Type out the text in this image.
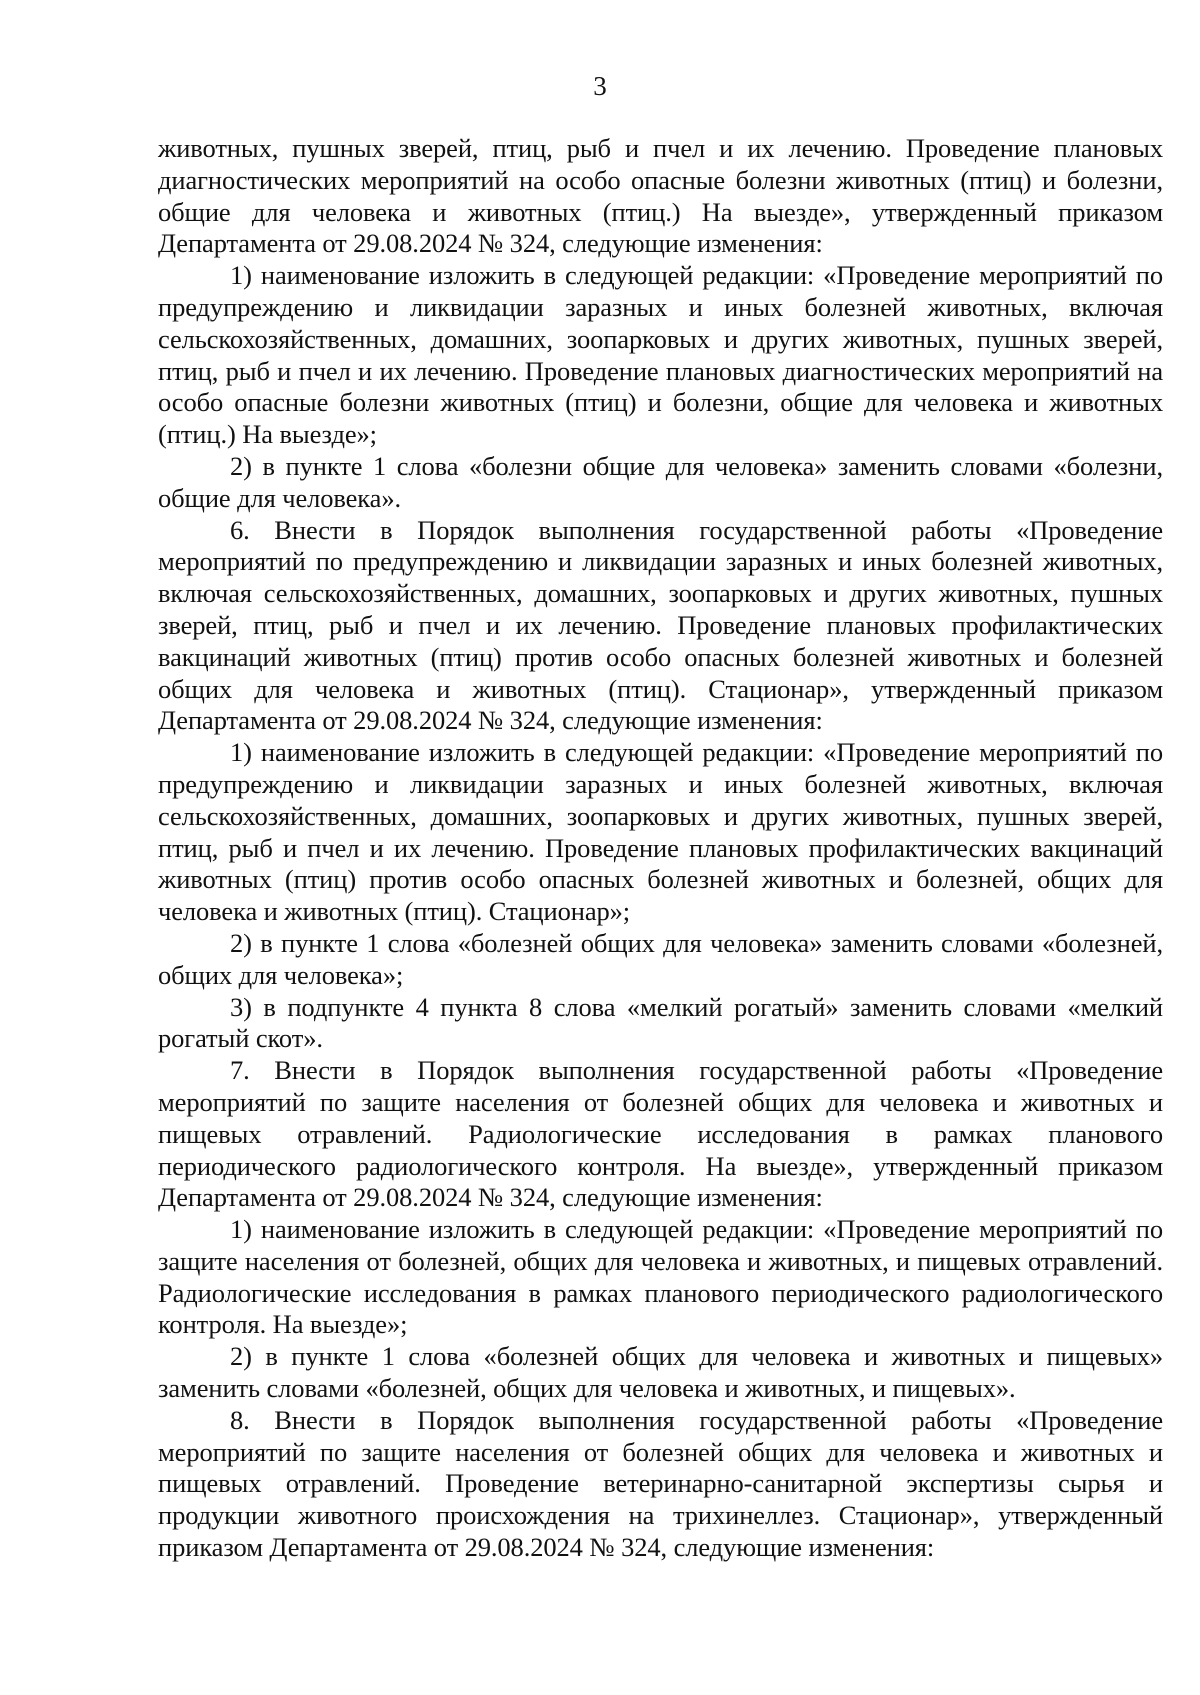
3

животных, пушных зверей, птиц, рыб и пчел и их лечению. Проведение плановых диагностических мероприятий на особо опасные болезни животных (птиц) и болезни, общие для человека и животных (птиц.) На выезде», утвержденный приказом Департамента от 29.08.2024 № 324, следующие изменения:

1) наименование изложить в следующей редакции: «Проведение мероприятий по предупреждению и ликвидации заразных и иных болезней животных, включая сельскохозяйственных, домашних, зоопарковых и других животных, пушных зверей, птиц, рыб и пчел и их лечению. Проведение плановых диагностических мероприятий на особо опасные болезни животных (птиц) и болезни, общие для человека и животных (птиц.) На выезде»;

2) в пункте 1 слова «болезни общие для человека» заменить словами «болезни, общие для человека».

6. Внести в Порядок выполнения государственной работы «Проведение мероприятий по предупреждению и ликвидации заразных и иных болезней животных, включая сельскохозяйственных, домашних, зоопарковых и других животных, пушных зверей, птиц, рыб и пчел и их лечению. Проведение плановых профилактических вакцинаций животных (птиц) против особо опасных болезней животных и болезней общих для человека и животных (птиц). Стационар», утвержденный приказом Департамента от 29.08.2024 № 324, следующие изменения:

1) наименование изложить в следующей редакции: «Проведение мероприятий по предупреждению и ликвидации заразных и иных болезней животных, включая сельскохозяйственных, домашних, зоопарковых и других животных, пушных зверей, птиц, рыб и пчел и их лечению. Проведение плановых профилактических вакцинаций животных (птиц) против особо опасных болезней животных и болезней, общих для человека и животных (птиц). Стационар»;

2) в пункте 1 слова «болезней общих для человека» заменить словами «болезней, общих для человека»;

3) в подпункте 4 пункта 8 слова «мелкий рогатый» заменить словами «мелкий рогатый скот».

7. Внести в Порядок выполнения государственной работы «Проведение мероприятий по защите населения от болезней общих для человека и животных и пищевых отравлений. Радиологические исследования в рамках планового периодического радиологического контроля. На выезде», утвержденный приказом Департамента от 29.08.2024 № 324, следующие изменения:

1) наименование изложить в следующей редакции: «Проведение мероприятий по защите населения от болезней, общих для человека и животных, и пищевых отравлений. Радиологические исследования в рамках планового периодического радиологического контроля. На выезде»;

2) в пункте 1 слова «болезней общих для человека и животных и пищевых» заменить словами «болезней, общих для человека и животных, и пищевых».

8. Внести в Порядок выполнения государственной работы «Проведение мероприятий по защите населения от болезней общих для человека и животных и пищевых отравлений. Проведение ветеринарно-санитарной экспертизы сырья и продукции животного происхождения на трихинеллез. Стационар», утвержденный приказом Департамента от 29.08.2024 № 324, следующие изменения:
